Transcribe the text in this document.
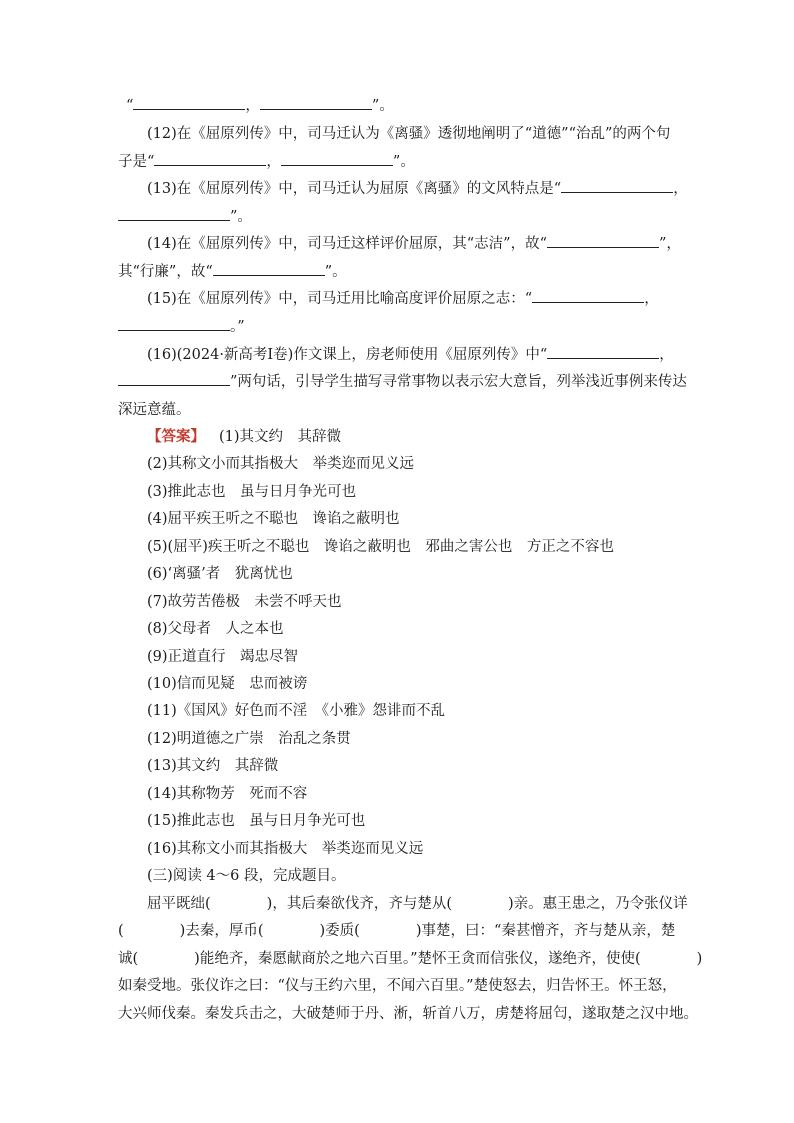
“	，	”。
(12)在《屈原列传》中，司马迁认为《离骚》透彻地阐明了“道德”“治乱”的两个句
子是“	，	”。
(13)在《屈原列传》中，司马迁认为屈原《离骚》的文风特点是“	，
”。
(14)在《屈原列传》中，司马迁这样评价屈原，其“志洁”，故“	”，
其“行廉”，故“	”。
(15)在《屈原列传》中，司马迁用比喻高度评价屈原之志：“	，
。”
(16)(2024·新高考Ⅰ卷)作文课上，房老师使用《屈原列传》中“	，
”两句话，引导学生描写寻常事物以表示宏大意旨，列举浅近事例来传达
深远意蕴。
【答案】 (1)其文约　其辞微
(2)其称文小而其指极大　举类迩而见义远
(3)推此志也　虽与日月争光可也
(4)屈平疾王听之不聪也　谗谄之蔽明也
(5)(屈平)疾王听之不聪也　谗谄之蔽明也　邪曲之害公也　方正之不容也
(6)‘离骚’者　犹离忧也
(7)故劳苦倦极　未尝不呼天也
(8)父母者　人之本也
(9)正道直行　竭忠尽智
(10)信而见疑　忠而被谤
(11)《国风》好色而不淫　《小雅》怨诽而不乱
(12)明道德之广崇　治乱之条贯
(13)其文约　其辞微
(14)其称物芳　死而不容
(15)推此志也　虽与日月争光可也
(16)其称文小而其指极大　举类迩而见义远
(三)阅读 4～6 段，完成题目。
屈平既绌(	)，其后秦欲伐齐，齐与楚从(	)亲。惠王患之，乃令张仪详
(	)去秦，厚币(	)委质(	)事楚，曰：“秦甚憎齐，齐与楚从亲，楚
诚(	)能绝齐，秦愿献商於之地六百里。”楚怀王贪而信张仪，遂绝齐，使使(	)
如秦受地。张仪诈之曰：“仪与王约六里，不闻六百里。”楚使怒去，归告怀王。怀王怒，
大兴师伐秦。秦发兵击之，大破楚师于丹、淅，斩首八万，虏楚将屈匄，遂取楚之汉中地。
